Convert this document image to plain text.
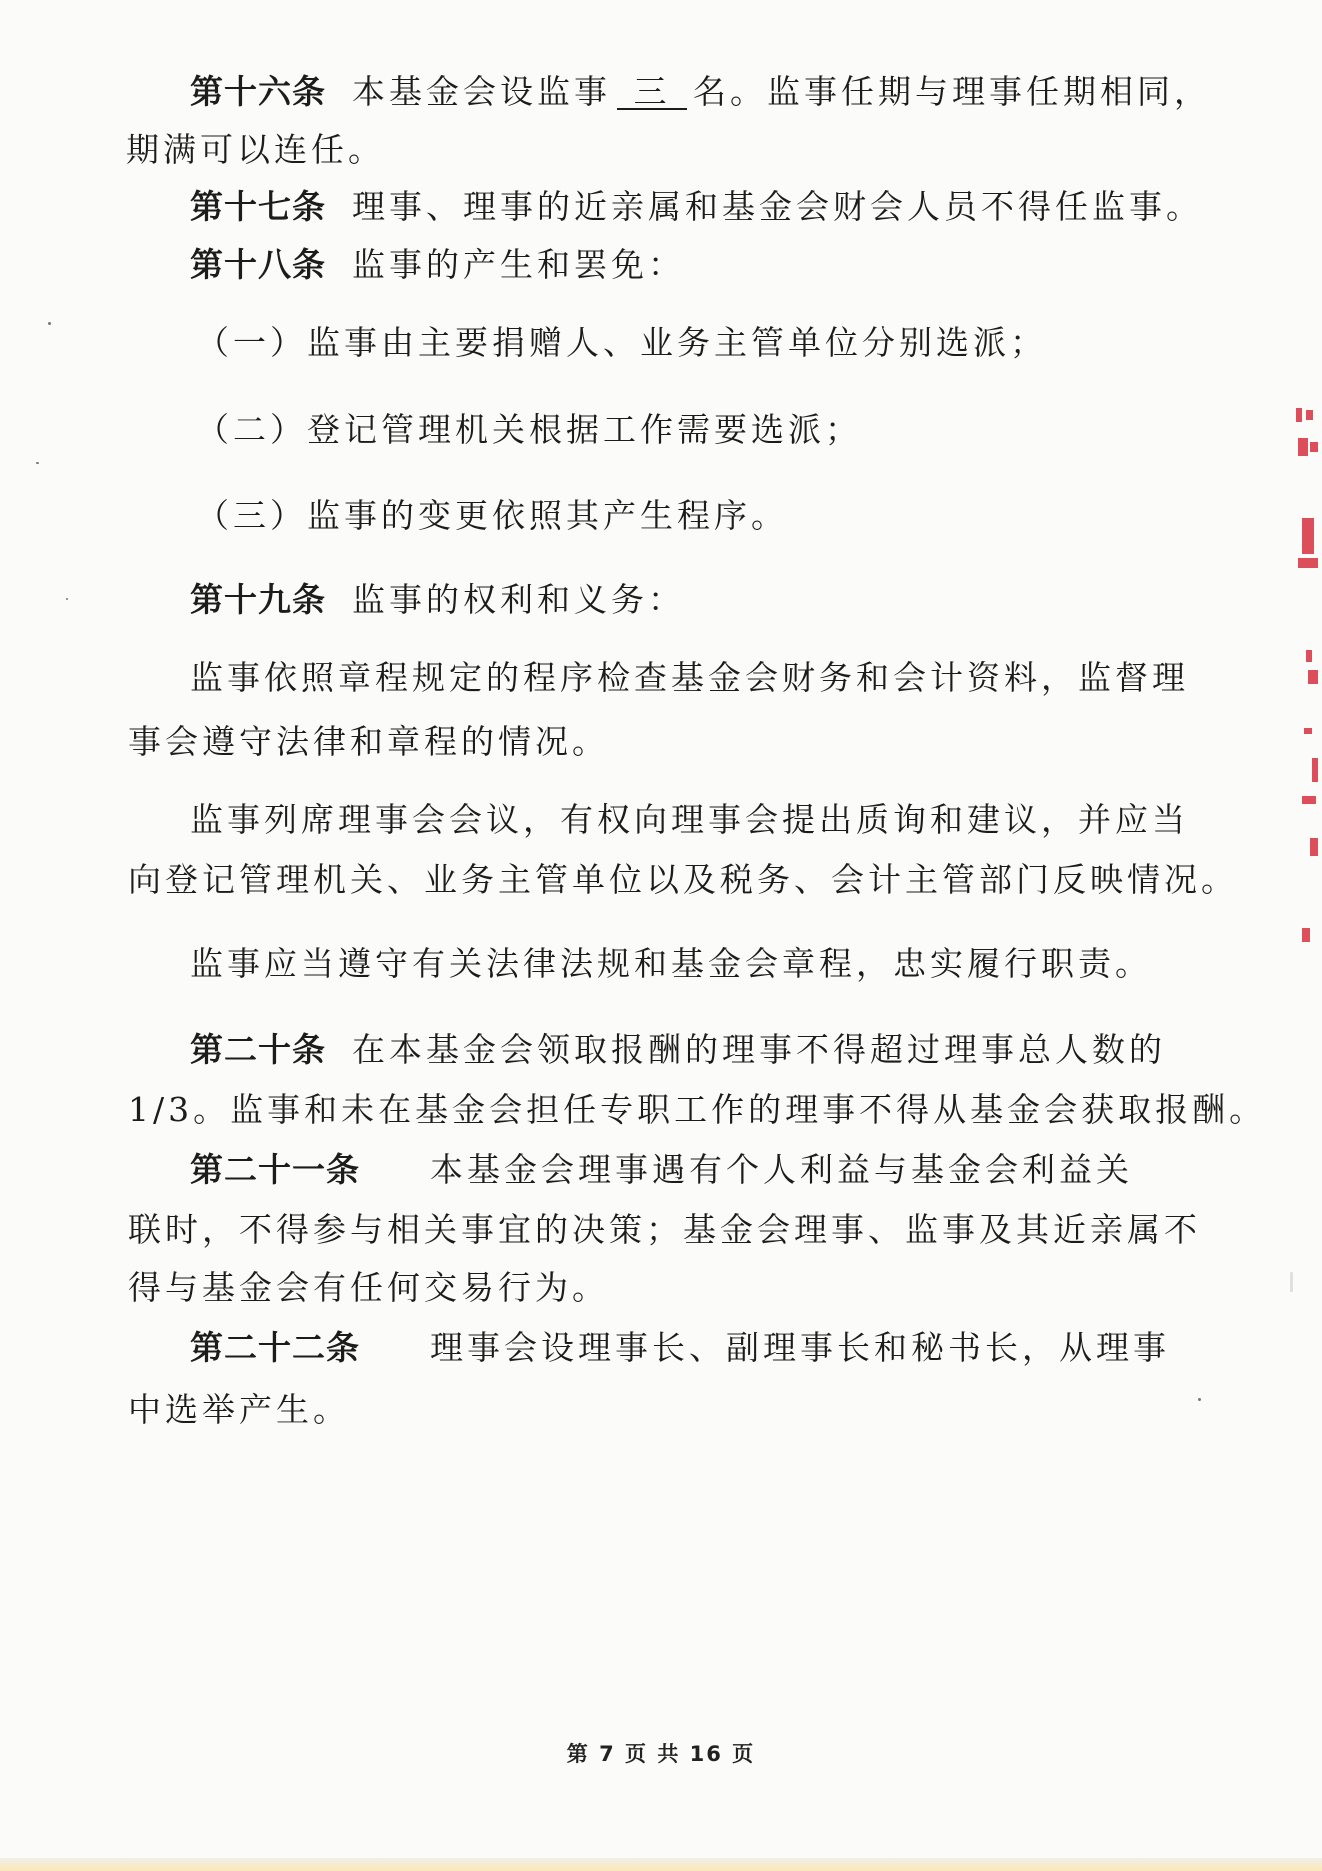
第十六条 本基金会设监事 三 名。监事任期与理事任期相同，
期满可以连任。
第十七条 理事、理事的近亲属和基金会财会人员不得任监事。
第十八条 监事的产生和罢免：
（一）监事由主要捐赠人、业务主管单位分别选派；
（二）登记管理机关根据工作需要选派；
（三）监事的变更依照其产生程序。
第十九条 监事的权利和义务：
监事依照章程规定的程序检查基金会财务和会计资料，监督理
事会遵守法律和章程的情况。
监事列席理事会会议，有权向理事会提出质询和建议，并应当
向登记管理机关、业务主管单位以及税务、会计主管部门反映情况。
监事应当遵守有关法律法规和基金会章程，忠实履行职责。
第二十条 在本基金会领取报酬的理事不得超过理事总人数的
1/3。监事和未在基金会担任专职工作的理事不得从基金会获取报酬。
第二十一条 本基金会理事遇有个人利益与基金会利益关
联时，不得参与相关事宜的决策；基金会理事、监事及其近亲属不
得与基金会有任何交易行为。
第二十二条 理事会设理事长、副理事长和秘书长，从理事
中选举产生。
第 7 页 共 16 页
